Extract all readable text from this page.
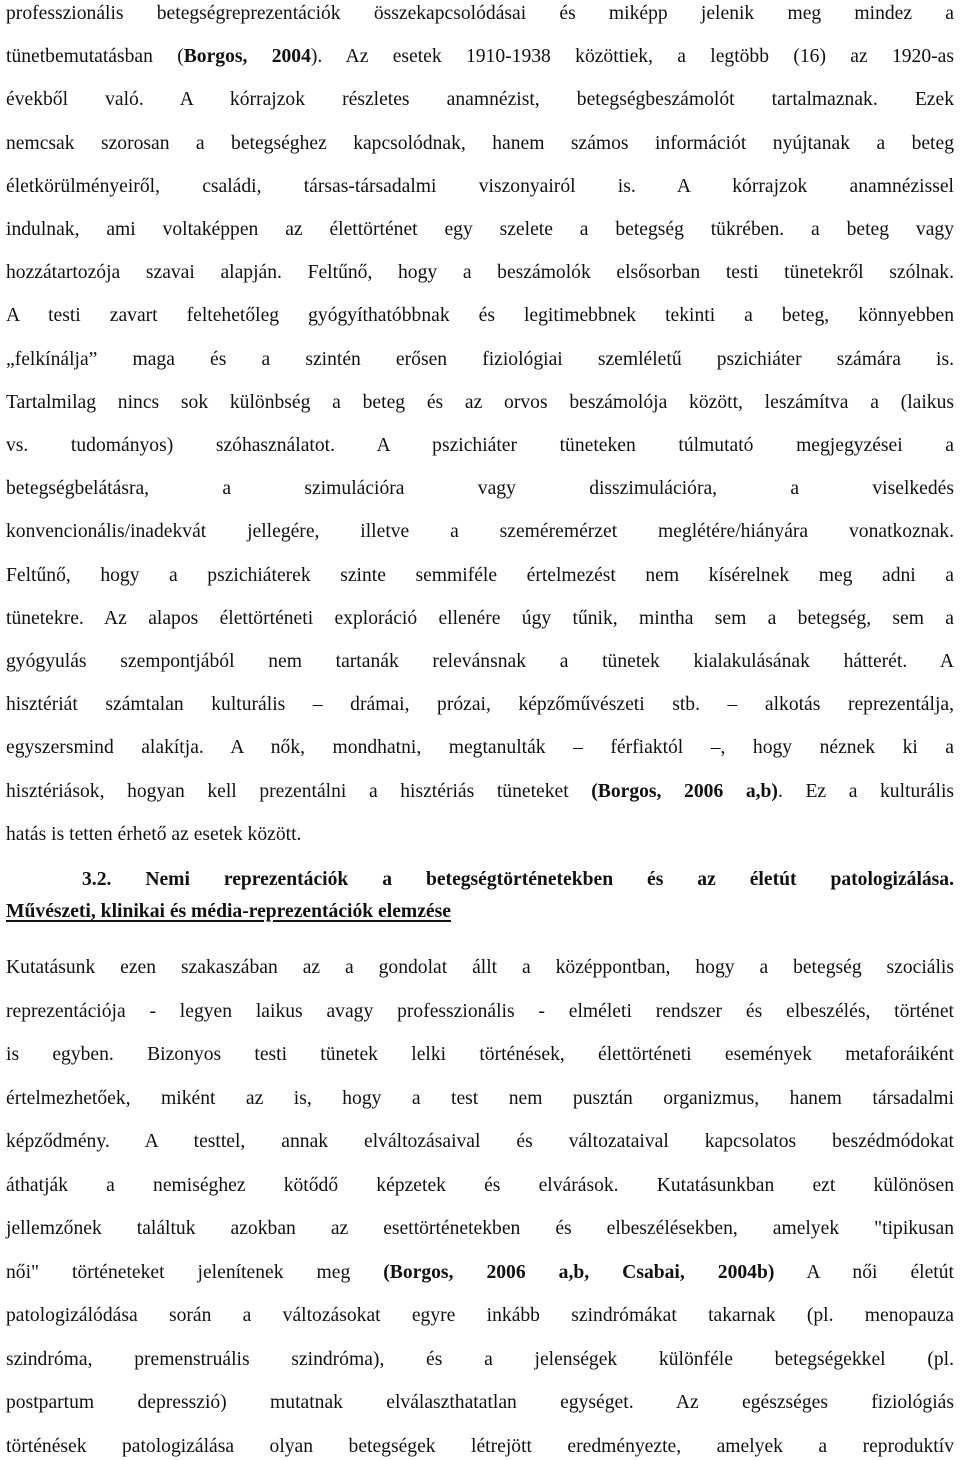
professzionális betegségreprezentációk összekapcsolódásai és miképp jelenik meg mindez a
tünetbemutatásban (Borgos, 2004). Az esetek 1910-1938 közöttiek, a legtöbb (16) az 1920-as
évekből való. A kórrajzok részletes anamnézist, betegségbeszámolót tartalmaznak. Ezek
nemcsak szorosan a betegséghez kapcsolódnak, hanem számos információt nyújtanak a beteg
életkörülményeiről, családi, társas-társadalmi viszonyairól is. A kórrajzok anamnézissel
indulnak, ami voltaképpen az élettörténet egy szelete a betegség tükrében. a beteg vagy
hozzátartozója szavai alapján. Feltűnő, hogy a beszámolók elsősorban testi tünetekről szólnak.
A testi zavart feltehetőleg gyógyíthatóbbnak és legitimebbnek tekinti a beteg, könnyebben
„felkínálja” maga és a szintén erősen fiziológiai szemléletű pszichiáter számára is.
Tartalmilag nincs sok különbség a beteg és az orvos beszámolója között, leszámítva a (laikus
vs. tudományos) szóhasználatot. A pszichiáter tüneteken túlmutató megjegyzései a
betegségbelátásra, a szimulációra vagy disszimulációra, a viselkedés
konvencionális/inadekvát jellegére, illetve a szeméremérzet meglétére/hiányára vonatkoznak.
Feltűnő, hogy a pszichiáterek szinte semmiféle értelmezést nem kísérelnek meg adni a
tünetekre. Az alapos élettörténeti exploráció ellenére úgy tűnik, mintha sem a betegség, sem a
gyógyulás szempontjából nem tartanák relevánsnak a tünetek kialakulásának hátterét. A
hisztériát számtalan kulturális – drámai, prózai, képzőművészeti stb. – alkotás reprezentálja,
egyszersmind alakítja. A nők, mondhatni, megtanulták – férfiaktól –, hogy néznek ki a
hisztériások, hogyan kell prezentálni a hisztériás tüneteket (Borgos, 2006 a,b). Ez a kulturális
hatás is tetten érhető az esetek között.
3.2. Nemi reprezentációk a betegségtörténetekben és az életút patologizálása.
Művészeti, klinikai és média-reprezentációk elemzése
Kutatásunk ezen szakaszában az a gondolat állt a középpontban, hogy a betegség szociális
reprezentációja - legyen laikus avagy professzionális - elméleti rendszer és elbeszélés, történet
is egyben. Bizonyos testi tünetek lelki történések, élettörténeti események metaforáiként
értelmezhetőek, miként az is, hogy a test nem pusztán organizmus, hanem társadalmi
képződmény. A testtel, annak elváltozásaival és változataival kapcsolatos beszédmódokat
áthatják a nemiséghez kötődő képzetek és elvárások. Kutatásunkban ezt különösen
jellemzőnek találtuk azokban az esettörténetekben és elbeszélésekben, amelyek "tipikusan
női" történeteket jelenítenek meg (Borgos, 2006 a,b, Csabai, 2004b) A női életút
patologizálódása során a változásokat egyre inkább szindrómákat takarnak (pl. menopauza
szindróma, premenstruális szindróma), és a jelenségek különféle betegségekkel (pl.
postpartum depresszió) mutatnak elválaszthatatlan egységet. Az egészséges fiziológiás
történések patologizálása olyan betegségek létrejött eredményezte, amelyek a reproduktív
